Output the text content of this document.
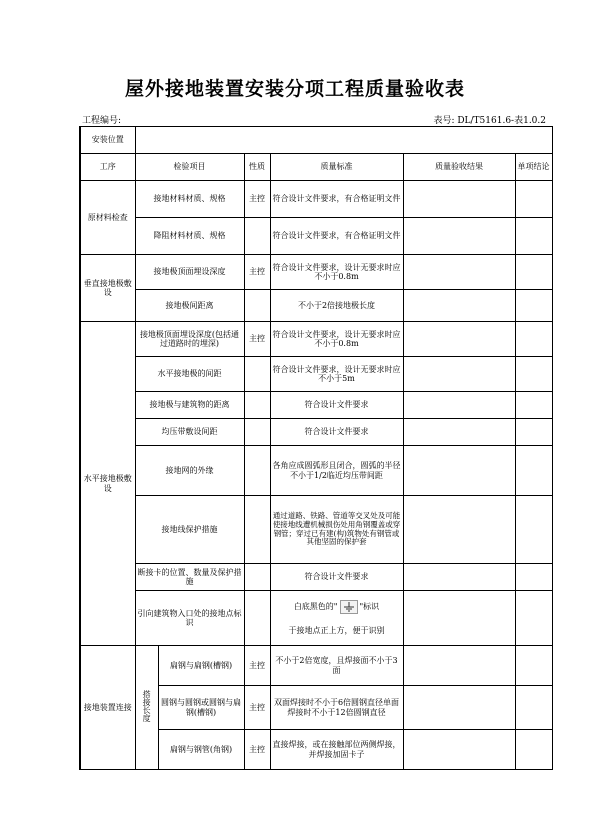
屋外接地装置安装分项工程质量验收表
工程编号:	表号: DL/T5161.6-表1.0.2
安装位置						
工序	检验项目		性质	质量标准	质量验收结果	单项结论
原材料检查	接地材料材质、规格		主控	符合设计文件要求，有合格证明文件		
	降阻材料材质、规格			符合设计文件要求，有合格证明文件		
垂直接地极敷设	接地极顶面埋设深度		主控	符合设计文件要求，设计无要求时应不小于0.8m		
	接地极间距离			不小于2倍接地极长度		
水平接地极敷设	接地极顶面埋设深度(包括通过道路时的埋深)		主控	符合设计文件要求，设计无要求时应不小于0.8m		
	水平接地极的间距			符合设计文件要求，设计无要求时应不小于5m		
	接地极与建筑物的距离			符合设计文件要求		
	均压带敷设间距			符合设计文件要求		
	接地网的外缘			各角应成圆弧形且闭合，圆弧的半径不小于1/2临近均压带间距		
	接地线保护措施			通过道路、铁路、管道等交叉处及可能使接地线遭机械损伤处用角钢覆盖或穿钢管；穿过已有建(构)筑物处有钢管或其他坚固的保护套		
	断接卡的位置、数量及保护措施			符合设计文件要求		
	引向建筑物入口处的接地点标识			白底黑色的" "标识
于接地点正上方，便于识别		

接地装置连接	搭接长度	扁钢与扁钢(槽钢)	主控	不小于2倍宽度，且焊接面不小于3面		
		圆钢与圆钢或圆钢与扁钢(槽钢)	主控	双面焊接时不小于6倍圆钢直径单面焊接时不小于12倍圆钢直径		
		扁钢与钢管(角钢)	主控	直接焊接，或在接触部位两侧焊接，并焊接加固卡子		
